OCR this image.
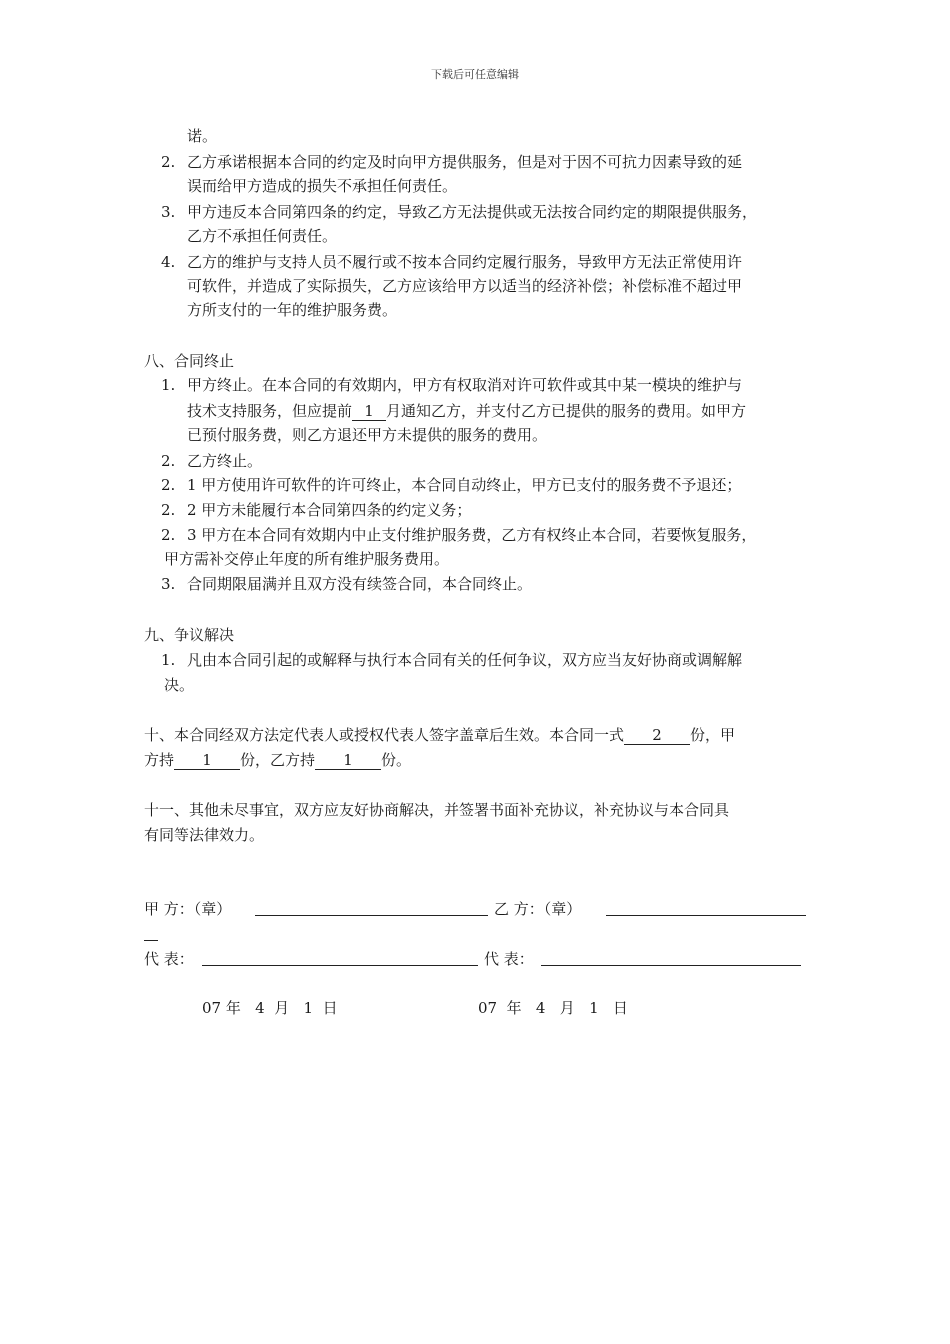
下载后可任意编辑
诺。
2. 乙方承诺根据本合同的约定及时向甲方提供服务，但是对于因不可抗力因素导致的延
误而给甲方造成的损失不承担任何责任。
3. 甲方违反本合同第四条的约定，导致乙方无法提供或无法按合同约定的期限提供服务，
乙方不承担任何责任。
4. 乙方的维护与支持人员不履行或不按本合同约定履行服务，导致甲方无法正常使用许
可软件，并造成了实际损失，乙方应该给甲方以适当的经济补偿；补偿标准不超过甲
方所支付的一年的维护服务费。
八、合同终止
1. 甲方终止。在本合同的有效期内，甲方有权取消对许可软件或其中某一模块的维护与
技术支持服务，但应提前 1 月通知乙方，并支付乙方已提供的服务的费用。如甲方
已预付服务费，则乙方退还甲方未提供的服务的费用。
2. 乙方终止。
2. 1 甲方使用许可软件的许可终止，本合同自动终止，甲方已支付的服务费不予退还；
2. 2 甲方未能履行本合同第四条的约定义务；
2. 3 甲方在本合同有效期内中止支付维护服务费，乙方有权终止本合同，若要恢复服务，
甲方需补交停止年度的所有维护服务费用。
3. 合同期限届满并且双方没有续签合同，本合同终止。
九、争议解决
1. 凡由本合同引起的或解释与执行本合同有关的任何争议，双方应当友好协商或调解解
决。
十、本合同经双方法定代表人或授权代表人签字盖章后生效。本合同一式 2 份，甲
方持 1 份，乙方持 1 份。
十一、其他未尽事宜，双方应友好协商解决，并签署书面补充协议，补充协议与本合同具
有同等法律效力。
甲 方：（章）	乙 方：（章）
代 表：	代 表：
07 年   4  月   1  日	07  年   4   月   1   日
